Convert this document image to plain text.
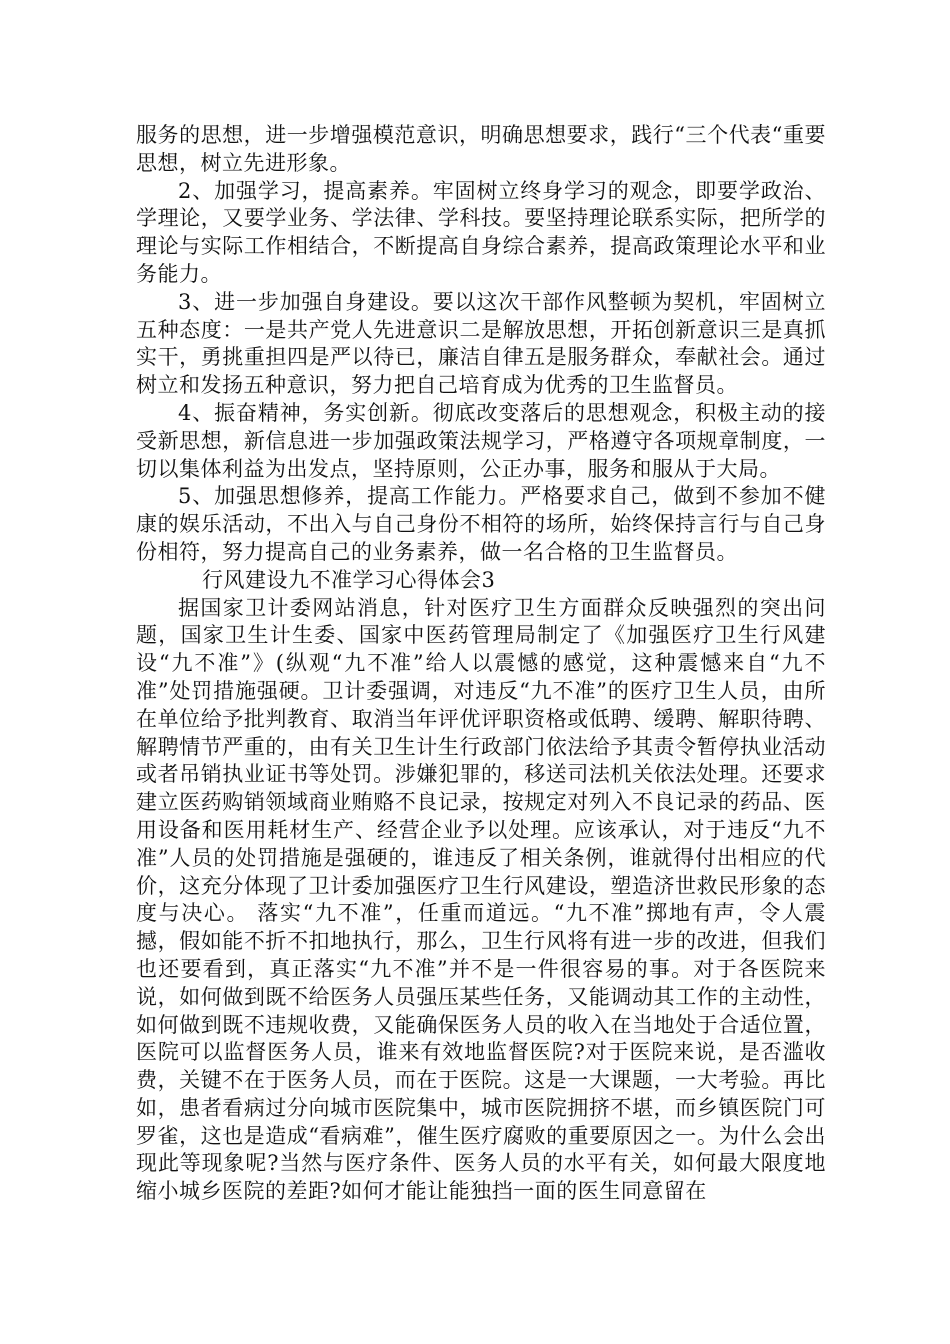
服务的思想，进一步增强模范意识，明确思想要求，践行“三个代表“重要思想，树立先进形象。

2、加强学习，提高素养。牢固树立终身学习的观念，即要学政治、学理论，又要学业务、学法律、学科技。要坚持理论联系实际，把所学的理论与实际工作相结合，不断提高自身综合素养，提高政策理论水平和业务能力。

3、进一步加强自身建设。要以这次干部作风整顿为契机，牢固树立五种态度：一是共产党人先进意识二是解放思想，开拓创新意识三是真抓实干，勇挑重担四是严以待已，廉洁自律五是服务群众，奉献社会。通过树立和发扬五种意识，努力把自己培育成为优秀的卫生监督员。

4、振奋精神，务实创新。彻底改变落后的思想观念，积极主动的接受新思想，新信息进一步加强政策法规学习，严格遵守各项规章制度，一切以集体利益为出发点，坚持原则，公正办事，服务和服从于大局。

5、加强思想修养，提高工作能力。严格要求自己，做到不参加不健康的娱乐活动，不出入与自己身份不相符的场所，始终保持言行与自己身份相符，努力提高自己的业务素养，做一名合格的卫生监督员。

行风建设九不准学习心得体会3

据国家卫计委网站消息，针对医疗卫生方面群众反映强烈的突出问题，国家卫生计生委、国家中医药管理局制定了《加强医疗卫生行风建设“九不准”》(纵观“九不准”给人以震憾的感觉，这种震憾来自“九不准”处罚措施强硬。卫计委强调，对违反“九不准”的医疗卫生人员，由所在单位给予批判教育、取消当年评优评职资格或低聘、缓聘、解职待聘、解聘情节严重的，由有关卫生计生行政部门依法给予其责令暂停执业活动或者吊销执业证书等处罚。涉嫌犯罪的，移送司法机关依法处理。还要求建立医药购销领域商业贿赂不良记录，按规定对列入不良记录的药品、医用设备和医用耗材生产、经营企业予以处理。应该承认，对于违反“九不准”人员的处罚措施是强硬的，谁违反了相关条例，谁就得付出相应的代价，这充分体现了卫计委加强医疗卫生行风建设，塑造济世救民形象的态度与决心。 落实“九不准”，任重而道远。“九不准”掷地有声，令人震撼，假如能不折不扣地执行，那么，卫生行风将有进一步的改进，但我们也还要看到，真正落实“九不准”并不是一件很容易的事。对于各医院来说，如何做到既不给医务人员强压某些任务，又能调动其工作的主动性，如何做到既不违规收费，又能确保医务人员的收入在当地处于合适位置，医院可以监督医务人员，谁来有效地监督医院?对于医院来说，是否滥收费，关键不在于医务人员，而在于医院。这是一大课题，一大考验。再比如，患者看病过分向城市医院集中，城市医院拥挤不堪，而乡镇医院门可罗雀，这也是造成“看病难”，催生医疗腐败的重要原因之一。为什么会出现此等现象呢?当然与医疗条件、医务人员的水平有关，如何最大限度地缩小城乡医院的差距?如何才能让能独挡一面的医生同意留在
